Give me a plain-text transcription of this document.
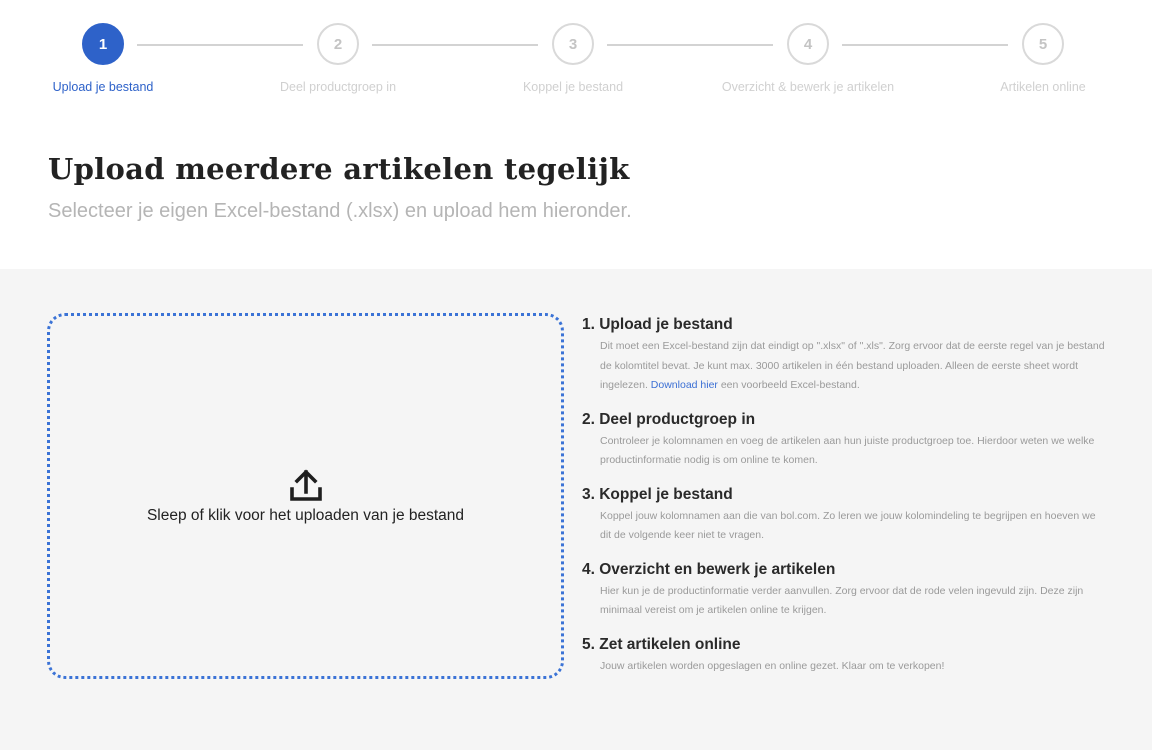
1	2	3	4	5
Upload je bestand	Deel productgroep in	Koppel je bestand	Overzicht & bewerk je artikelen	Artikelen online
Upload meerdere artikelen tegelijk
Selecteer je eigen Excel-bestand (.xlsx) en upload hem hieronder.
Sleep of klik voor het uploaden van je bestand
1. Upload je bestand
Dit moet een Excel-bestand zijn dat eindigt op ".xlsx" of ".xls". Zorg ervoor dat de eerste regel van je bestand de kolomtitel bevat. Je kunt max. 3000 artikelen in één bestand uploaden. Alleen de eerste sheet wordt ingelezen. Download hier een voorbeeld Excel-bestand.
2. Deel productgroep in
Controleer je kolomnamen en voeg de artikelen aan hun juiste productgroep toe. Hierdoor weten we welke productinformatie nodig is om online te komen.
3. Koppel je bestand
Koppel jouw kolomnamen aan die van bol.com. Zo leren we jouw kolomindeling te begrijpen en hoeven we dit de volgende keer niet te vragen.
4. Overzicht en bewerk je artikelen
Hier kun je de productinformatie verder aanvullen. Zorg ervoor dat de rode velen ingevuld zijn. Deze zijn minimaal vereist om je artikelen online te krijgen.
5. Zet artikelen online
Jouw artikelen worden opgeslagen en online gezet. Klaar om te verkopen!
